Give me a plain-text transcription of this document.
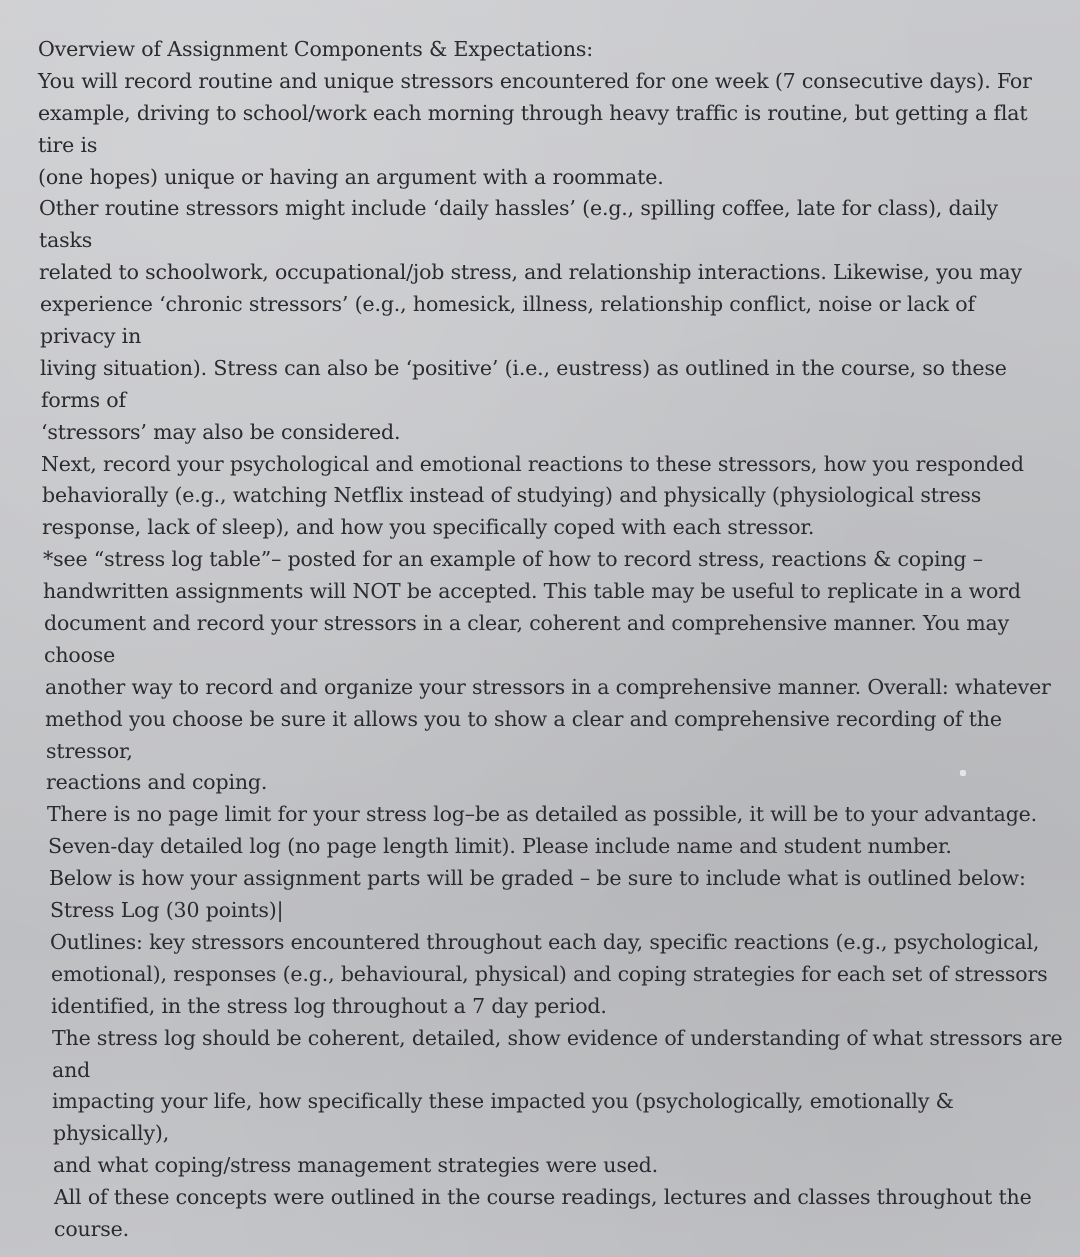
Overview of Assignment Components & Expectations:
You will record routine and unique stressors encountered for one week (7 consecutive days). For
example, driving to school/work each morning through heavy traffic is routine, but getting a flat
tire is
(one hopes) unique or having an argument with a roommate.
Other routine stressors might include ‘daily hassles’ (e.g., spilling coffee, late for class), daily
tasks
related to schoolwork, occupational/job stress, and relationship interactions. Likewise, you may
experience ‘chronic stressors’ (e.g., homesick, illness, relationship conflict, noise or lack of
privacy in
living situation). Stress can also be ‘positive’ (i.e., eustress) as outlined in the course, so these
forms of
‘stressors’ may also be considered.
Next, record your psychological and emotional reactions to these stressors, how you responded
behaviorally (e.g., watching Netflix instead of studying) and physically (physiological stress
response, lack of sleep), and how you specifically coped with each stressor.
*see “stress log table”– posted for an example of how to record stress, reactions & coping –
handwritten assignments will NOT be accepted. This table may be useful to replicate in a word
document and record your stressors in a clear, coherent and comprehensive manner. You may
choose
another way to record and organize your stressors in a comprehensive manner. Overall: whatever
method you choose be sure it allows you to show a clear and comprehensive recording of the
stressor,
reactions and coping.
There is no page limit for your stress log–be as detailed as possible, it will be to your advantage.
Seven-day detailed log (no page length limit). Please include name and student number.
Below is how your assignment parts will be graded – be sure to include what is outlined below:
Stress Log (30 points)|
Outlines: key stressors encountered throughout each day, specific reactions (e.g., psychological,
emotional), responses (e.g., behavioural, physical) and coping strategies for each set of stressors
identified, in the stress log throughout a 7 day period.
The stress log should be coherent, detailed, show evidence of understanding of what stressors are
and
impacting your life, how specifically these impacted you (psychologically, emotionally &
physically),
and what coping/stress management strategies were used.
All of these concepts were outlined in the course readings, lectures and classes throughout the
course.
